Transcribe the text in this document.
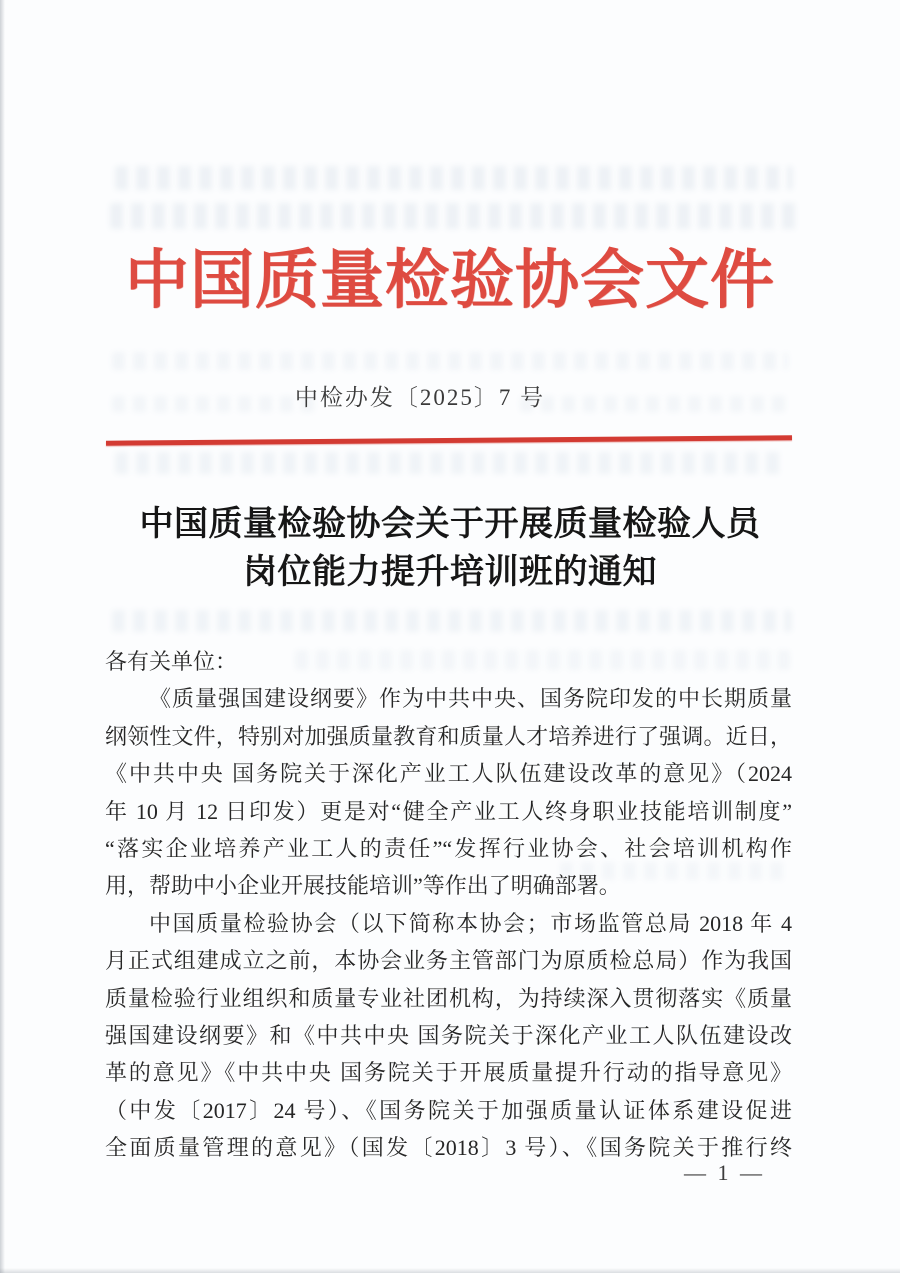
中国质量检验协会文件
中检办发〔2025〕7 号
中国质量检验协会关于开展质量检验人员
岗位能力提升培训班的通知
各有关单位：
《质量强国建设纲要》作为中共中央、国务院印发的中长期质量
纲领性文件，特别对加强质量教育和质量人才培养进行了强调。近日，
《中共中央 国务院关于深化产业工人队伍建设改革的意见》（2024
年 10 月 12 日印发）更是对“健全产业工人终身职业技能培训制度”
“落实企业培养产业工人的责任”“发挥行业协会、社会培训机构作
用，帮助中小企业开展技能培训”等作出了明确部署。
中国质量检验协会（以下简称本协会；市场监管总局 2018 年 4
月正式组建成立之前，本协会业务主管部门为原质检总局）作为我国
质量检验行业组织和质量专业社团机构，为持续深入贯彻落实《质量
强国建设纲要》和《中共中央 国务院关于深化产业工人队伍建设改
革的意见》《中共中央 国务院关于开展质量提升行动的指导意见》
（中发〔2017〕24 号）、《国务院关于加强质量认证体系建设促进
全面质量管理的意见》（国发〔2018〕3 号）、《国务院关于推行终
— 1 —
